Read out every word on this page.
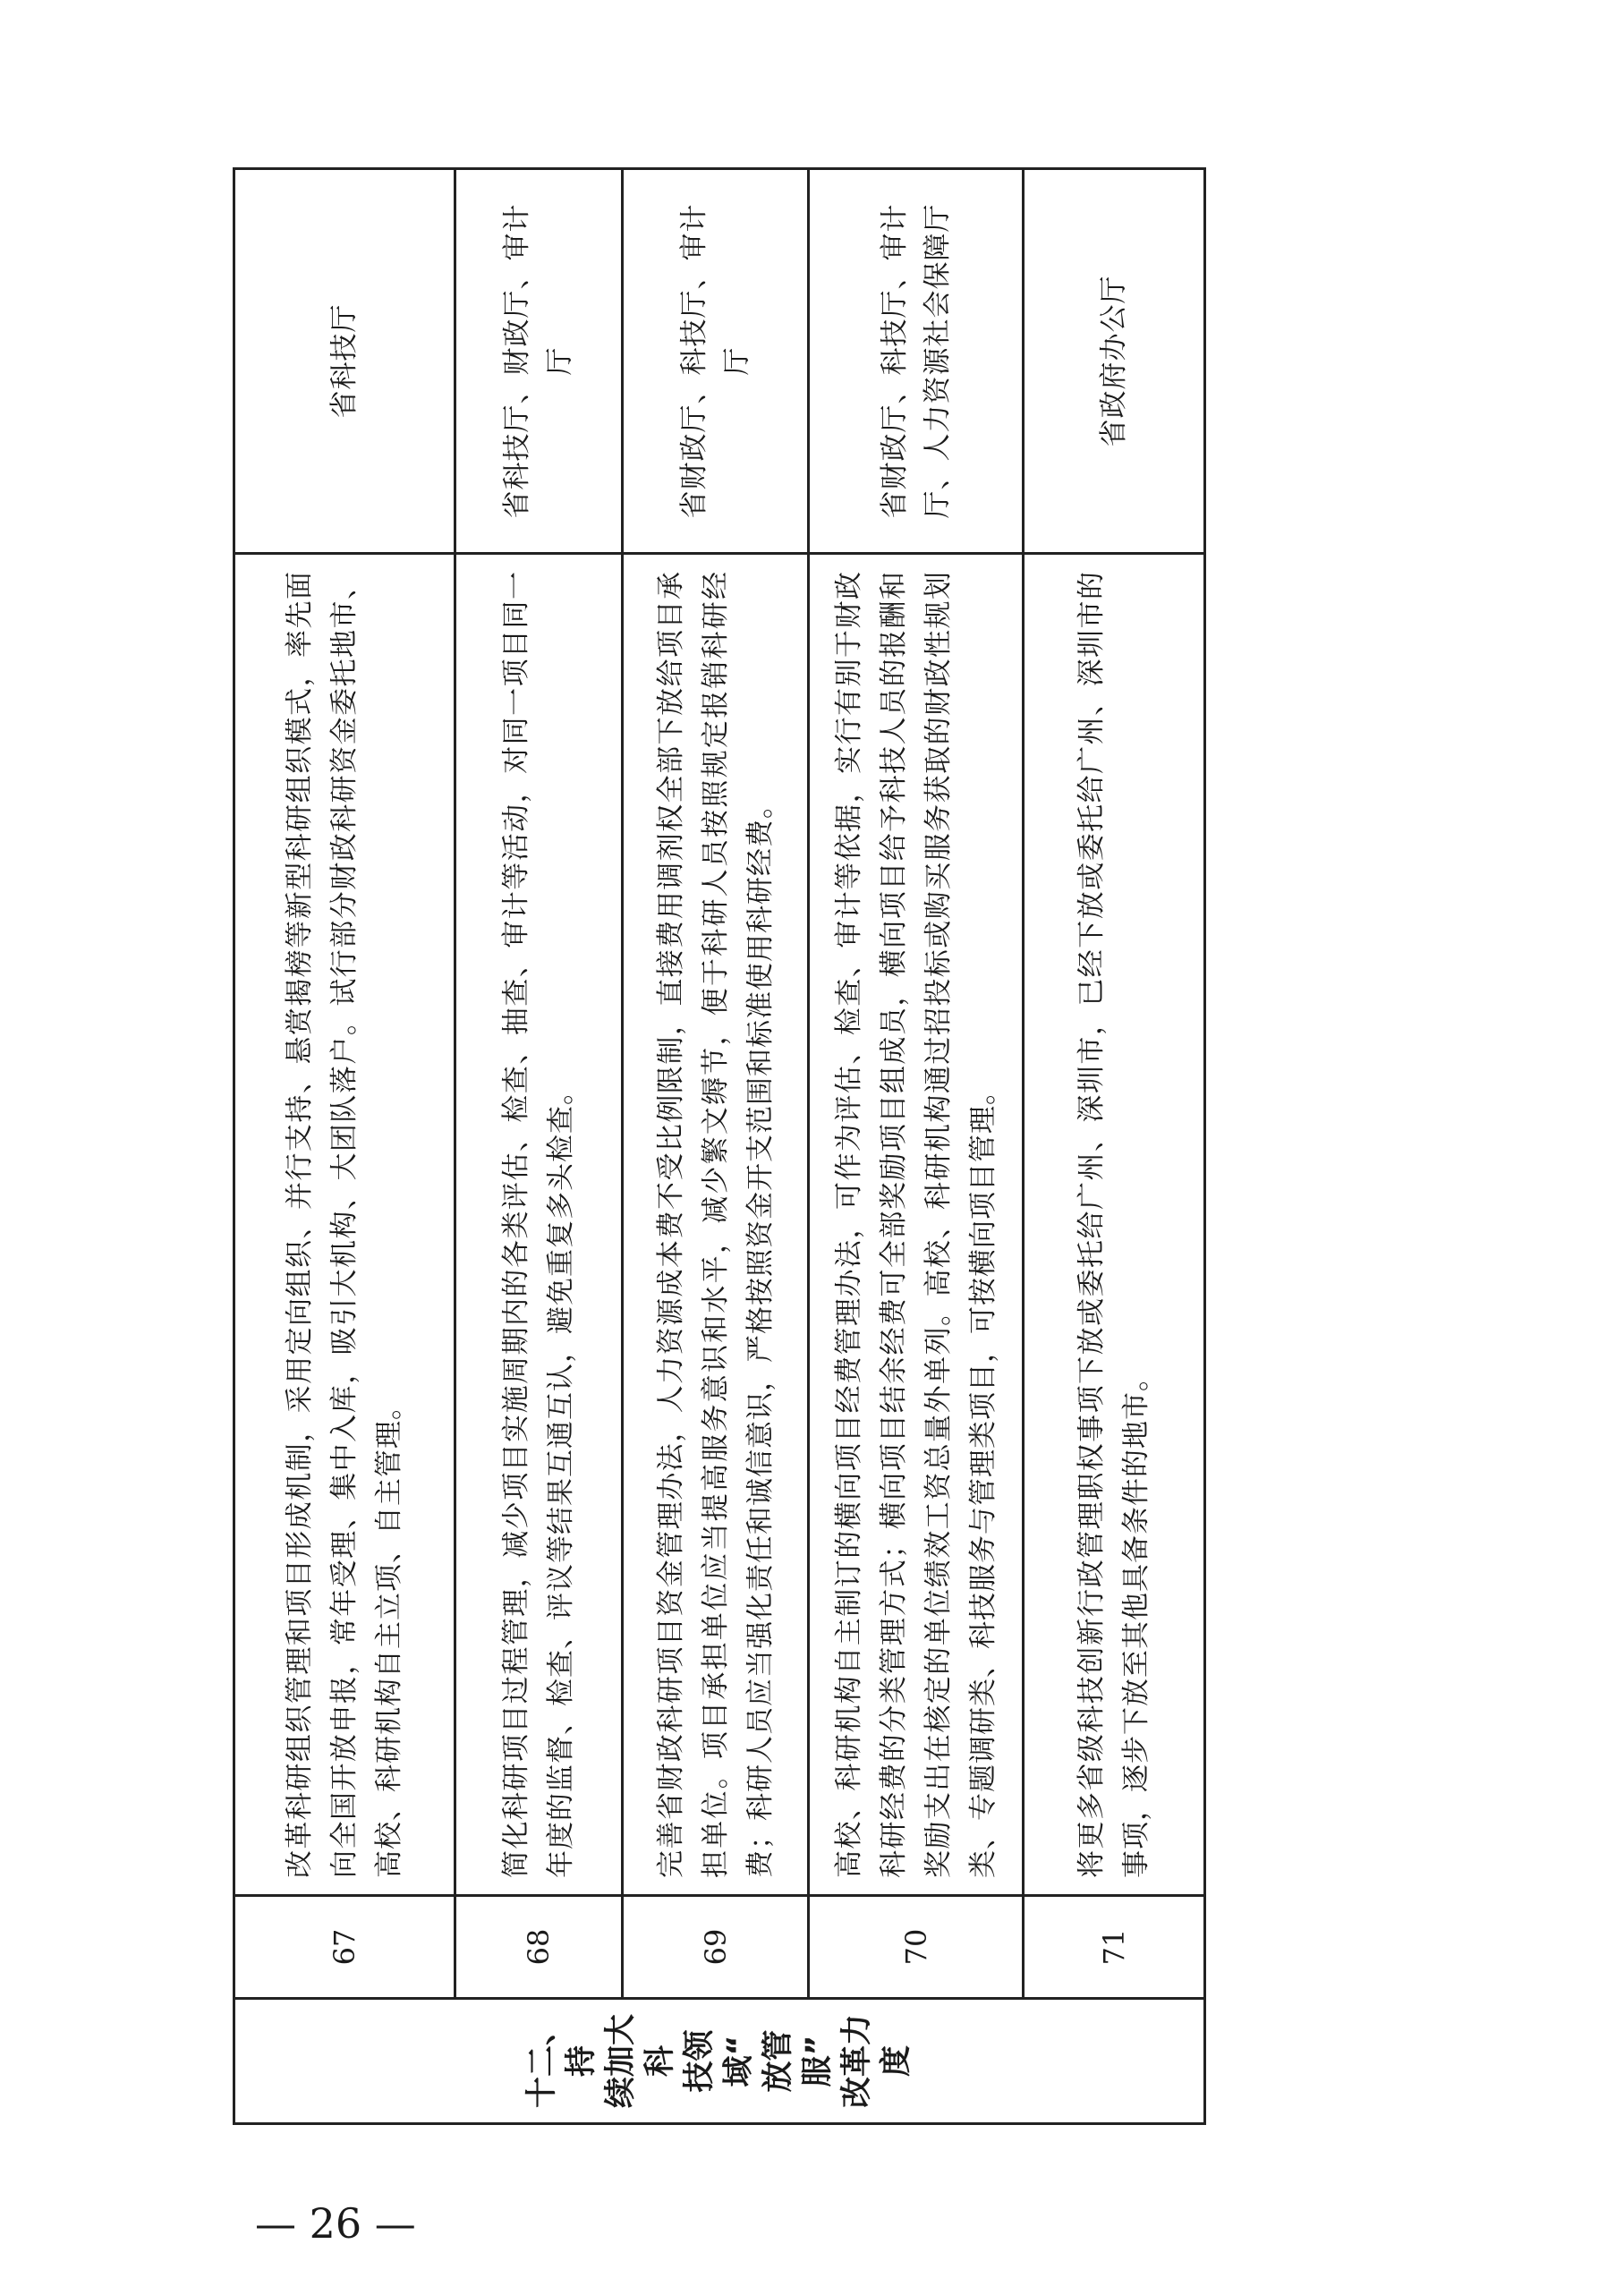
十二、持 续加大科 技领域“ 放管服” 改革力度	67	改革科研组织管理和项目形成机制，采用定向组织、并行支持、悬赏揭榜等新型科研组织模式，率先面向全国开放申报，常年受理、集中入库，吸引大机构、大团队落户。试行部分财政科研资金委托地市、高校、科研机构自主立项、自主管理。	省科技厅
	68	简化科研项目过程管理，减少项目实施周期内的各类评估、检查、抽查、审计等活动，对同一项目同一年度的监督、检查、评议等结果互通互认，避免重复多头检查。	省科技厅、财政厅、审计厅
	69	完善省财政科研项目资金管理办法，人力资源成本费不受比例限制，直接费用调剂权全部下放给项目承担单位。项目承担单位应当提高服务意识和水平，减少繁文缛节，便于科研人员按照规定报销科研经费；科研人员应当强化责任和诚信意识，严格按照资金开支范围和标准使用科研经费。	省财政厅、科技厅、审计厅
	70	高校、科研机构自主制订的横向项目经费管理办法，可作为评估、检查、审计等依据，实行有别于财政科研经费的分类管理方式；横向项目结余经费可全部奖励项目组成员，横向项目给予科技人员的报酬和奖励支出在核定的单位绩效工资总量外单列。高校、科研机构通过招投标或购买服务获取的财政性规划类、专题调研类、科技服务与管理类项目，可按横向项目管理。	省财政厅、科技厅、审计厅、人力资源社会保障厅
	71	将更多省级科技创新行政管理职权事项下放或委托给广州、深圳市，已经下放或委托给广州、深圳市的事项，逐步下放至其他具备条件的地市。	省政府办公厅
— 26 —
